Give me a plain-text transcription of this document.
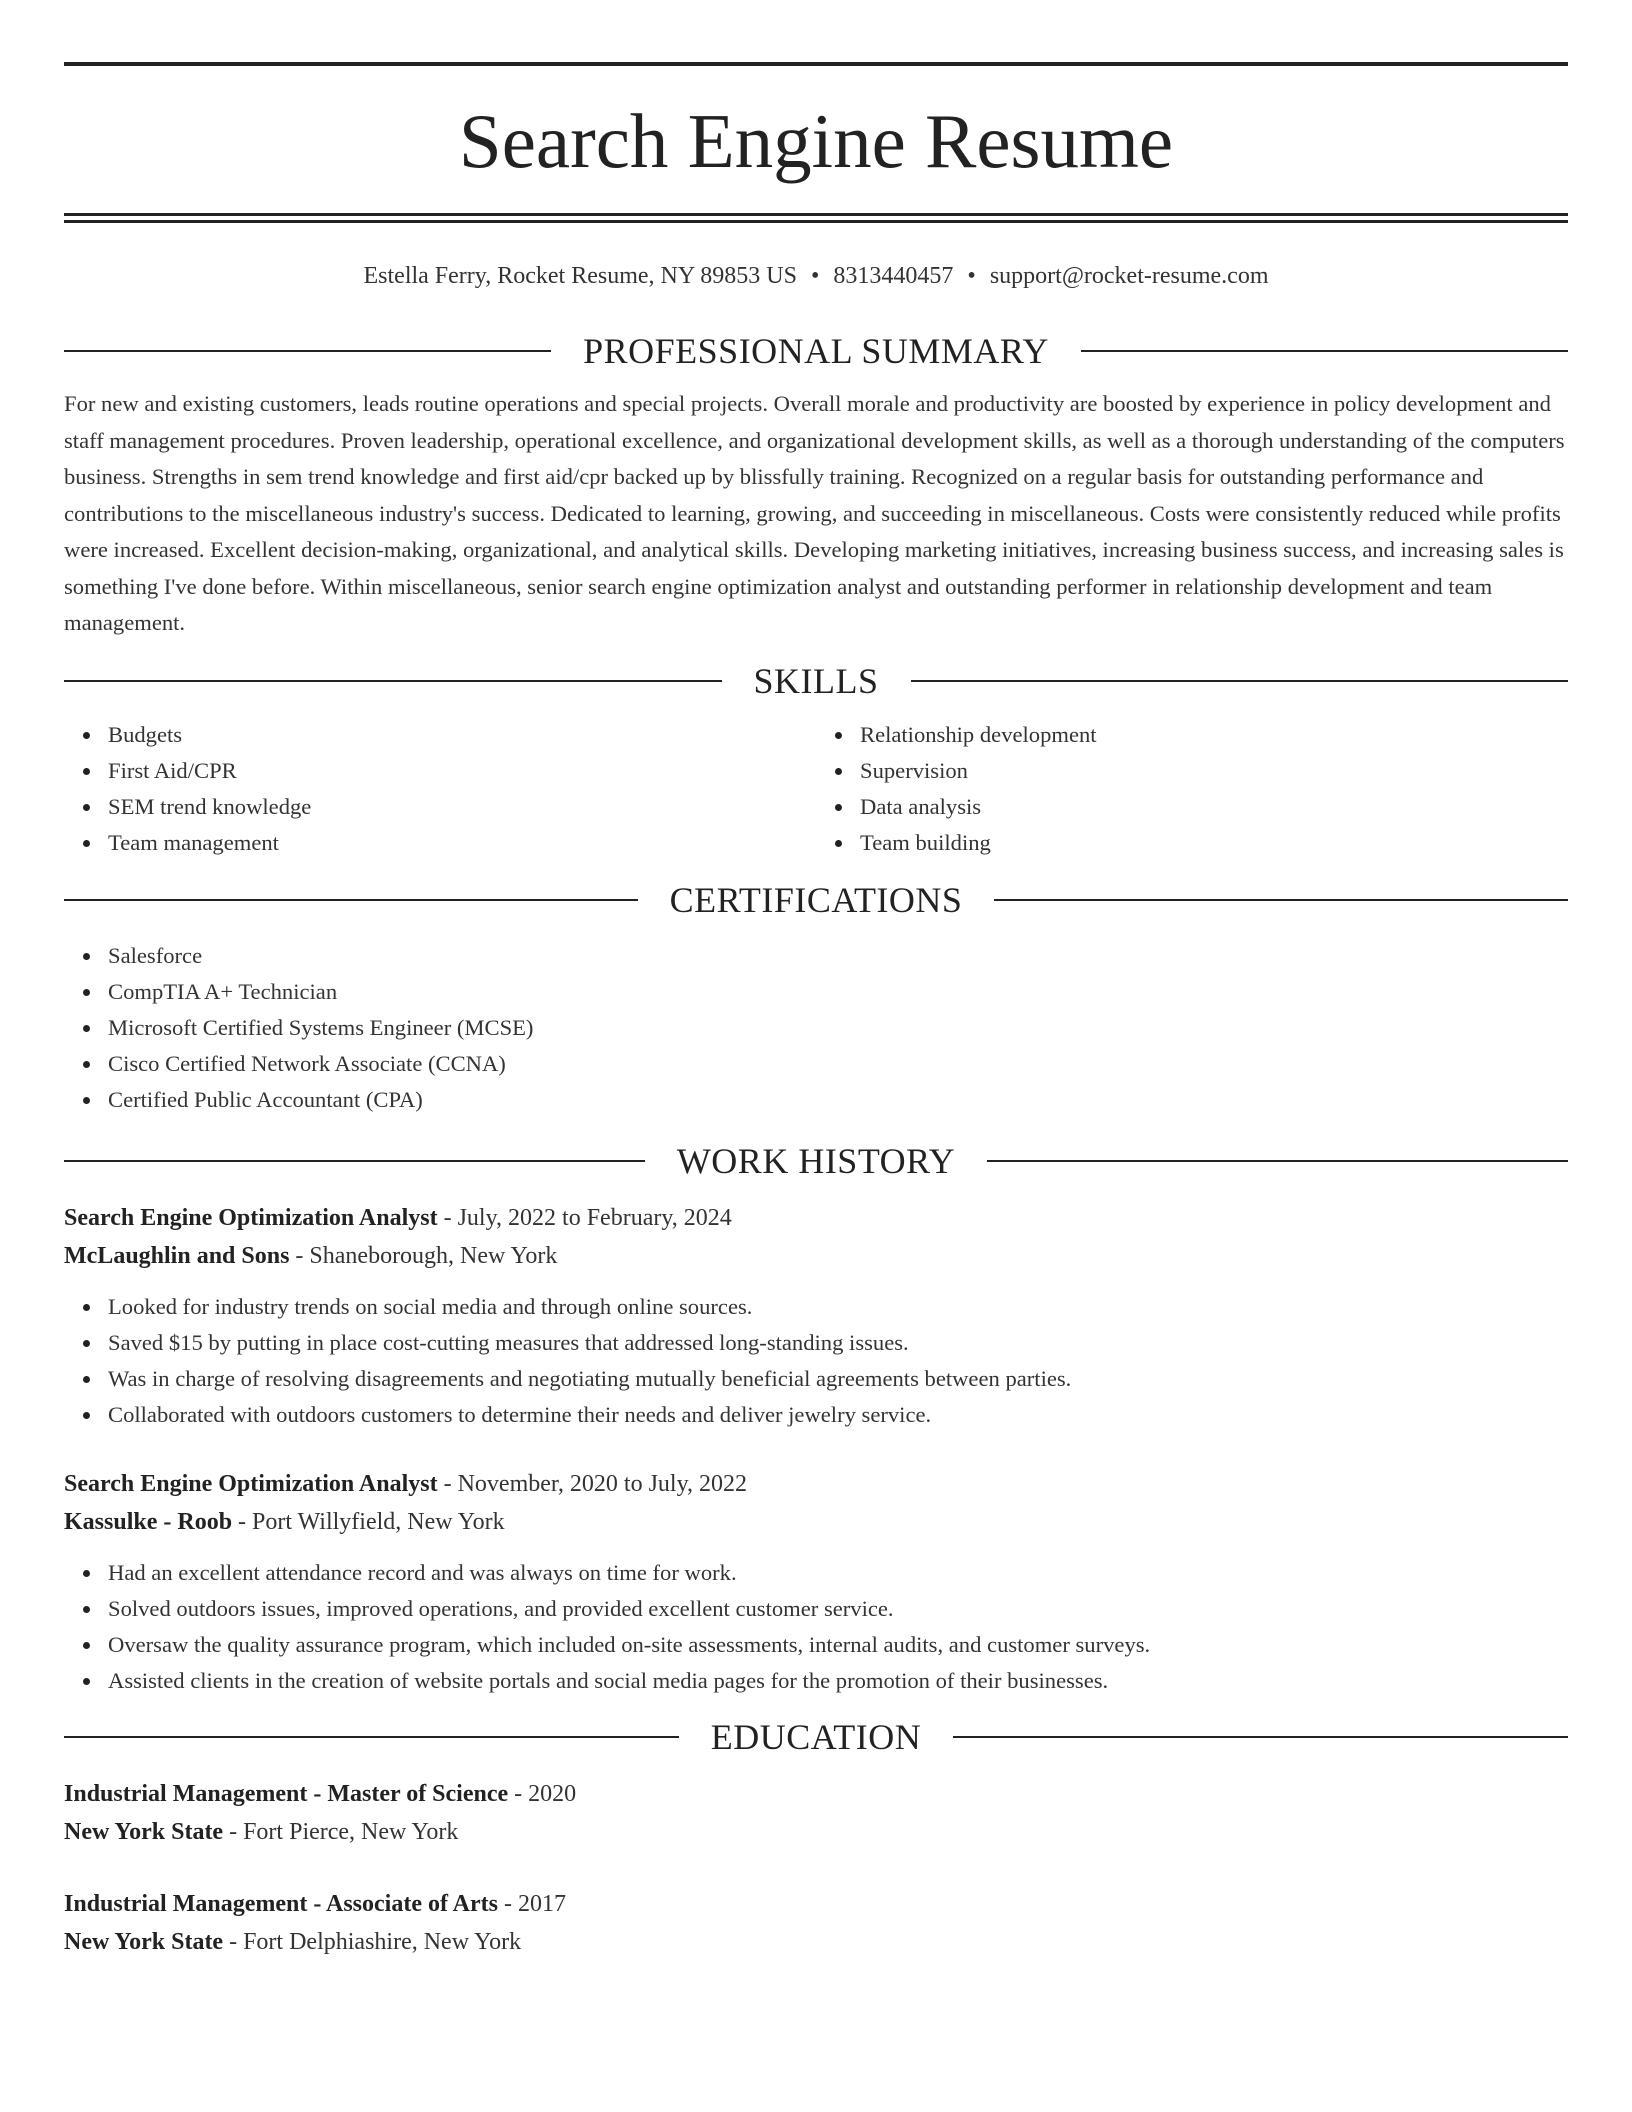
Search Engine Resume
Estella Ferry, Rocket Resume, NY 89853 US • 8313440457 • support@rocket-resume.com
PROFESSIONAL SUMMARY

For new and existing customers, leads routine operations and special projects. Overall morale and productivity are boosted by experience in policy development and staff management procedures. Proven leadership, operational excellence, and organizational development skills, as well as a thorough understanding of the computers business. Strengths in sem trend knowledge and first aid/cpr backed up by blissfully training. Recognized on a regular basis for outstanding performance and contributions to the miscellaneous industry's success. Dedicated to learning, growing, and succeeding in miscellaneous. Costs were consistently reduced while profits were increased. Excellent decision-making, organizational, and analytical skills. Developing marketing initiatives, increasing business success, and increasing sales is something I've done before. Within miscellaneous, senior search engine optimization analyst and outstanding performer in relationship development and team management.

SKILLS
Budgets
First Aid/CPR
SEM trend knowledge
Team management
Relationship development
Supervision
Data analysis
Team building
CERTIFICATIONS
Salesforce
CompTIA A+ Technician
Microsoft Certified Systems Engineer (MCSE)
Cisco Certified Network Associate (CCNA)
Certified Public Accountant (CPA)
WORK HISTORY
Search Engine Optimization Analyst - July, 2022 to February, 2024
McLaughlin and Sons - Shaneborough, New York
Looked for industry trends on social media and through online sources.
Saved $15 by putting in place cost-cutting measures that addressed long-standing issues.
Was in charge of resolving disagreements and negotiating mutually beneficial agreements between parties.
Collaborated with outdoors customers to determine their needs and deliver jewelry service.
Search Engine Optimization Analyst - November, 2020 to July, 2022
Kassulke - Roob - Port Willyfield, New York
Had an excellent attendance record and was always on time for work.
Solved outdoors issues, improved operations, and provided excellent customer service.
Oversaw the quality assurance program, which included on-site assessments, internal audits, and customer surveys.
Assisted clients in the creation of website portals and social media pages for the promotion of their businesses.
EDUCATION
Industrial Management - Master of Science - 2020
New York State - Fort Pierce, New York
Industrial Management - Associate of Arts - 2017
New York State - Fort Delphiashire, New York
